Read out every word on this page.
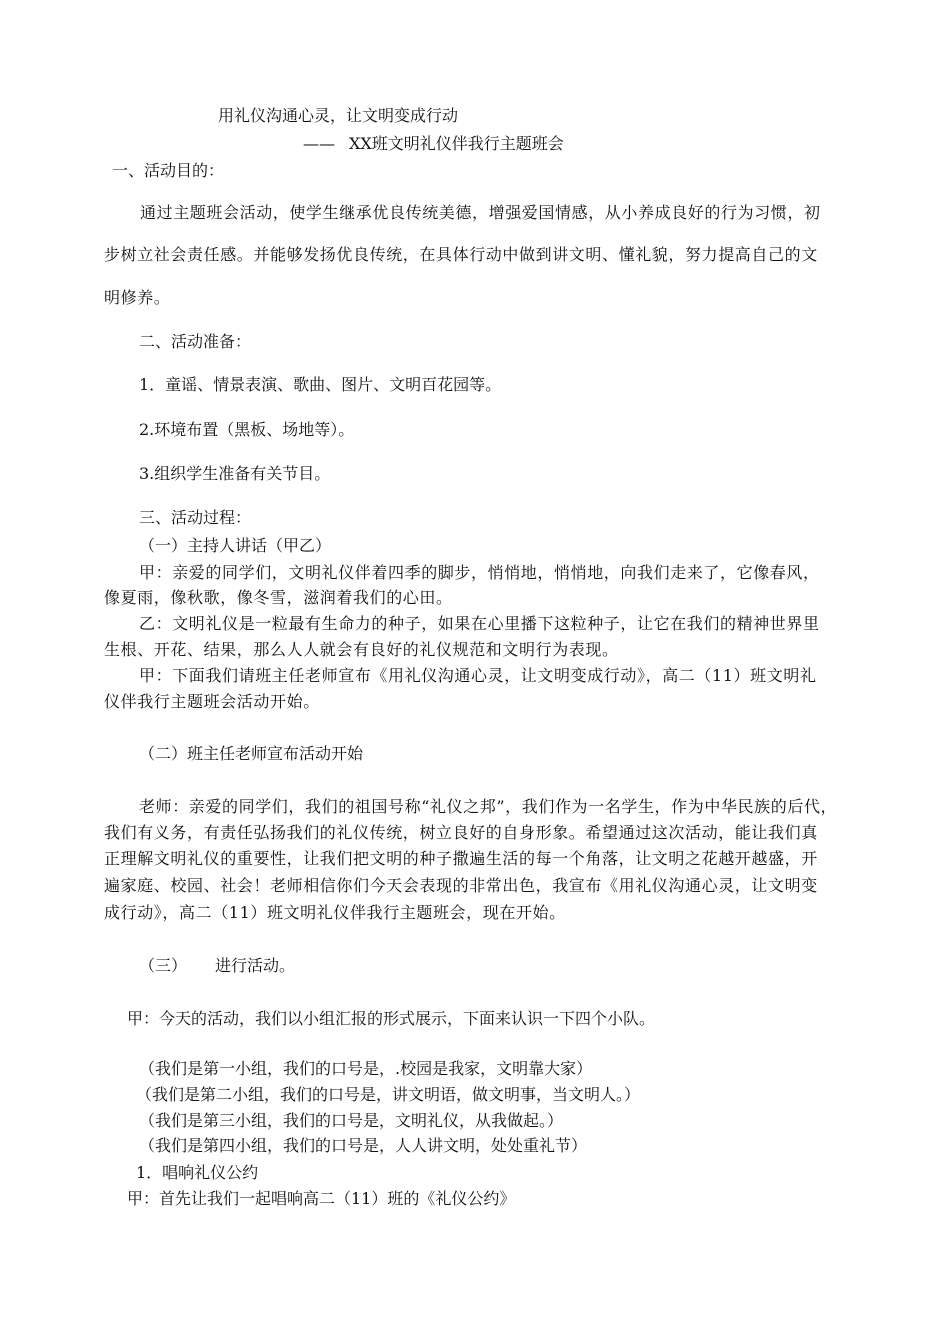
用礼仪沟通心灵，让文明变成行动
—— XX班文明礼仪伴我行主题班会
一、活动目的：
通过主题班会活动，使学生继承优良传统美德，增强爱国情感，从小养成良好的行为习惯，初
步树立社会责任感。并能够发扬优良传统，在具体行动中做到讲文明、懂礼貌，努力提高自己的文
明修养。
二、活动准备：
1．童谣、情景表演、歌曲、图片、文明百花园等。
2.环境布置（黑板、场地等）。
3.组织学生准备有关节目。
三、活动过程：
（一）主持人讲话（甲乙）
甲：亲爱的同学们，文明礼仪伴着四季的脚步，悄悄地，悄悄地，向我们走来了，它像春风，
像夏雨，像秋歌，像冬雪，滋润着我们的心田。
乙：文明礼仪是一粒最有生命力的种子，如果在心里播下这粒种子，让它在我们的精神世界里
生根、开花、结果，那么人人就会有良好的礼仪规范和文明行为表现。
甲：下面我们请班主任老师宣布《用礼仪沟通心灵，让文明变成行动》，高二（11）班文明礼
仪伴我行主题班会活动开始。
（二）班主任老师宣布活动开始
老师：亲爱的同学们，我们的祖国号称“礼仪之邦”，我们作为一名学生，作为中华民族的后代，
我们有义务，有责任弘扬我们的礼仪传统，树立良好的自身形象。希望通过这次活动，能让我们真
正理解文明礼仪的重要性，让我们把文明的种子撒遍生活的每一个角落，让文明之花越开越盛，开
遍家庭、校园、社会！老师相信你们今天会表现的非常出色，我宣布《用礼仪沟通心灵，让文明变
成行动》，高二（11）班文明礼仪伴我行主题班会，现在开始。
（三） 进行活动。
甲：今天的活动，我们以小组汇报的形式展示，下面来认识一下四个小队。
（我们是第一小组，我们的口号是，.校园是我家，文明靠大家）
（我们是第二小组，我们的口号是，讲文明语，做文明事，当文明人。）
（我们是第三小组，我们的口号是，文明礼仪，从我做起。）
（我们是第四小组，我们的口号是，人人讲文明，处处重礼节）
1．唱响礼仪公约
甲：首先让我们一起唱响高二（11）班的《礼仪公约》
